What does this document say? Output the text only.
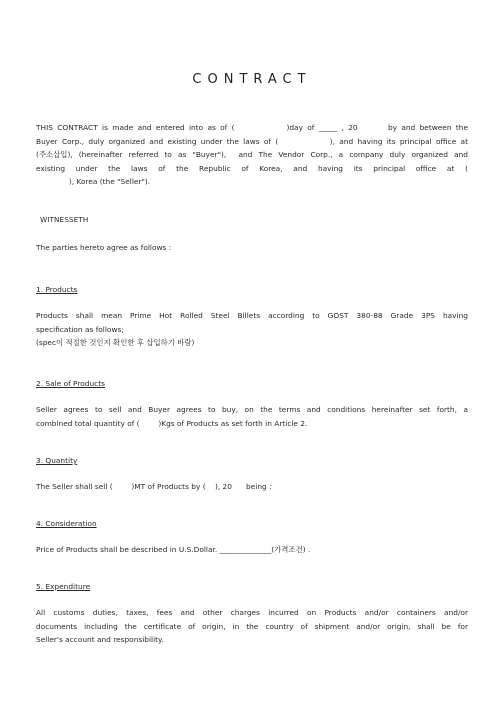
CONTRACT
THIS CONTRACT is made and entered into as of (            )day of _____ , 20       by and between the
Buyer Corp., duly organized and existing under the laws of (            ), and having its principal office at
(주소삽입), (hereinafter referred to as "Buyer"),  and The Vendor Corp., a company duly organized and
existing  under  the  laws  of  the  Republic  of  Korea,  and  having  its  principal  office  at  (
), Korea (the "Seller").
WITNESSETH
The parties hereto agree as follows :
1. Products
Products shall mean Prime Hot Rolled Steel Billets according to GOST 380-88 Grade 3PS having
specification as follows;
(spec이 적절한 것인지 확인한 후 삽입하기 바람)
2. Sale of Products
Seller agrees to sell and Buyer agrees to buy, on the terms and conditions hereinafter set forth, a
combined total quantity of (        )Kgs of Products as set forth in Article 2.
3. Quantity
The Seller shall sell (        )MT of Products by (    ), 20      being :
4. Consideration
Price of Products shall be described in U.S.Dollar. ______________(가격조건) .
5. Expenditure
All customs duties, taxes, fees and other charges incurred on Products and/or containers and/or
documents including the certificate of origin, in the country of shipment and/or origin, shall be for
Seller's account and responsibility.
